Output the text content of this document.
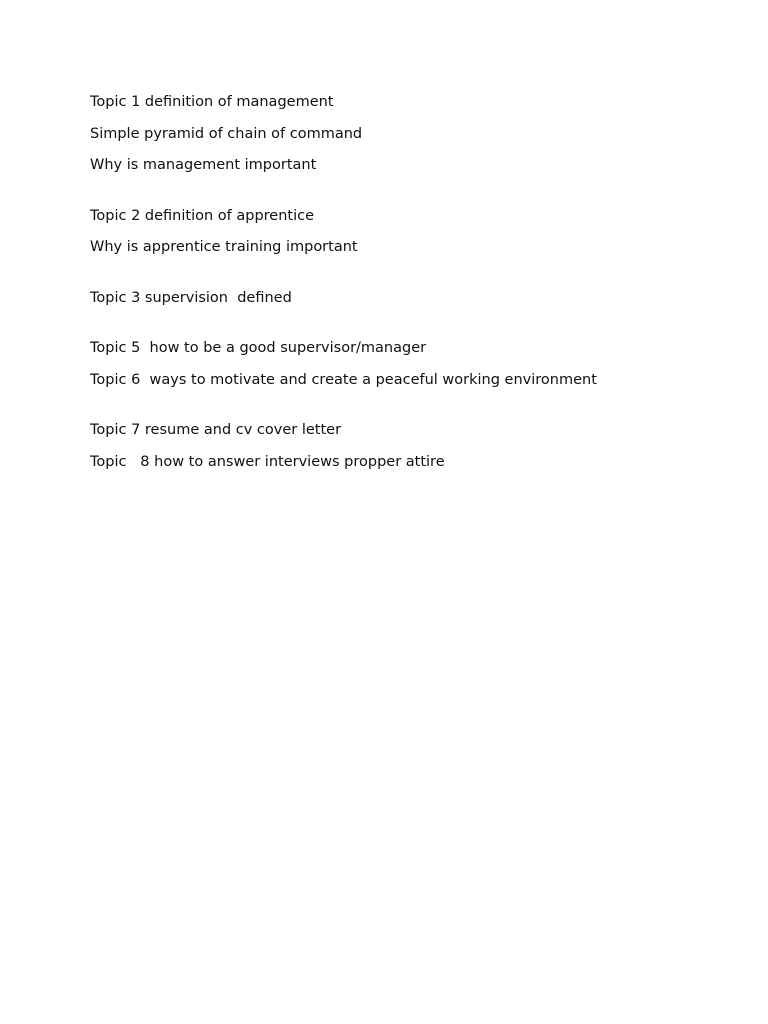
Topic 1 definition of management
Simple pyramid of chain of command
Why is management important
Topic 2 definition of apprentice
Why is apprentice training important
Topic 3 supervision  defined
Topic 5  how to be a good supervisor/manager
Topic 6  ways to motivate and create a peaceful working environment
Topic 7 resume and cv cover letter
Topic   8 how to answer interviews propper attire
